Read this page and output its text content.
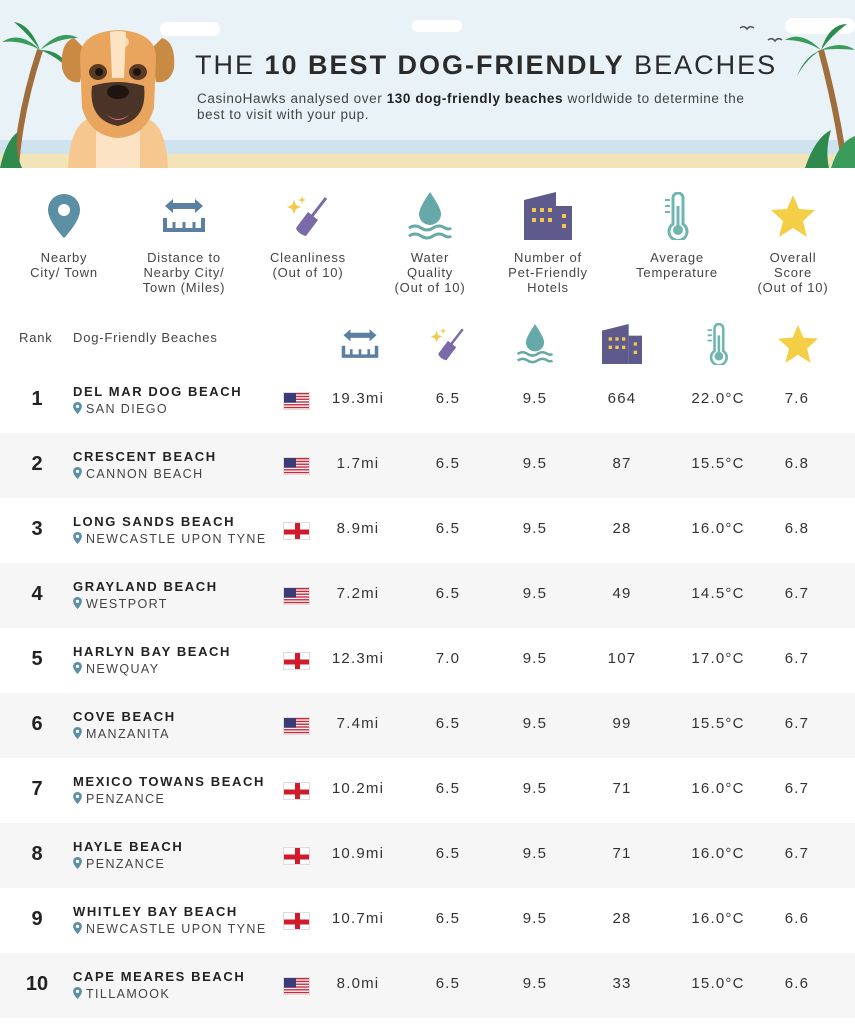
THE 10 BEST DOG-FRIENDLY BEACHES
CasinoHawks analysed over 130 dog-friendly beaches worldwide to determine the best to visit with your pup.
Nearby
City/ Town
Distance to
Nearby City/
Town (Miles)
Cleanliness
(Out of 10)
Water
Quality
(Out of 10)
Number of
Pet-Friendly
Hotels
Average
Temperature
Overall
Score
(Out of 10)
Rank Dog-Friendly Beaches
1	DEL MAR DOG BEACH
SAN DIEGO
19.3mi	6.5	9.5	664	22.0°C	7.6
2	CRESCENT BEACH
CANNON BEACH
1.7mi	6.5	9.5	87	15.5°C	6.8
3	LONG SANDS BEACH
NEWCASTLE UPON TYNE
8.9mi	6.5	9.5	28	16.0°C	6.8
4	GRAYLAND BEACH
WESTPORT
7.2mi	6.5	9.5	49	14.5°C	6.7
5	HARLYN BAY BEACH
NEWQUAY
12.3mi	7.0	9.5	107	17.0°C	6.7
6	COVE BEACH
MANZANITA
7.4mi	6.5	9.5	99	15.5°C	6.7
7	MEXICO TOWANS BEACH
PENZANCE
10.2mi	6.5	9.5	71	16.0°C	6.7
8	HAYLE BEACH
PENZANCE
10.9mi	6.5	9.5	71	16.0°C	6.7
9	WHITLEY BAY BEACH
NEWCASTLE UPON TYNE
10.7mi	6.5	9.5	28	16.0°C	6.6
10	CAPE MEARES BEACH
TILLAMOOK
8.0mi	6.5	9.5	33	15.0°C	6.6
